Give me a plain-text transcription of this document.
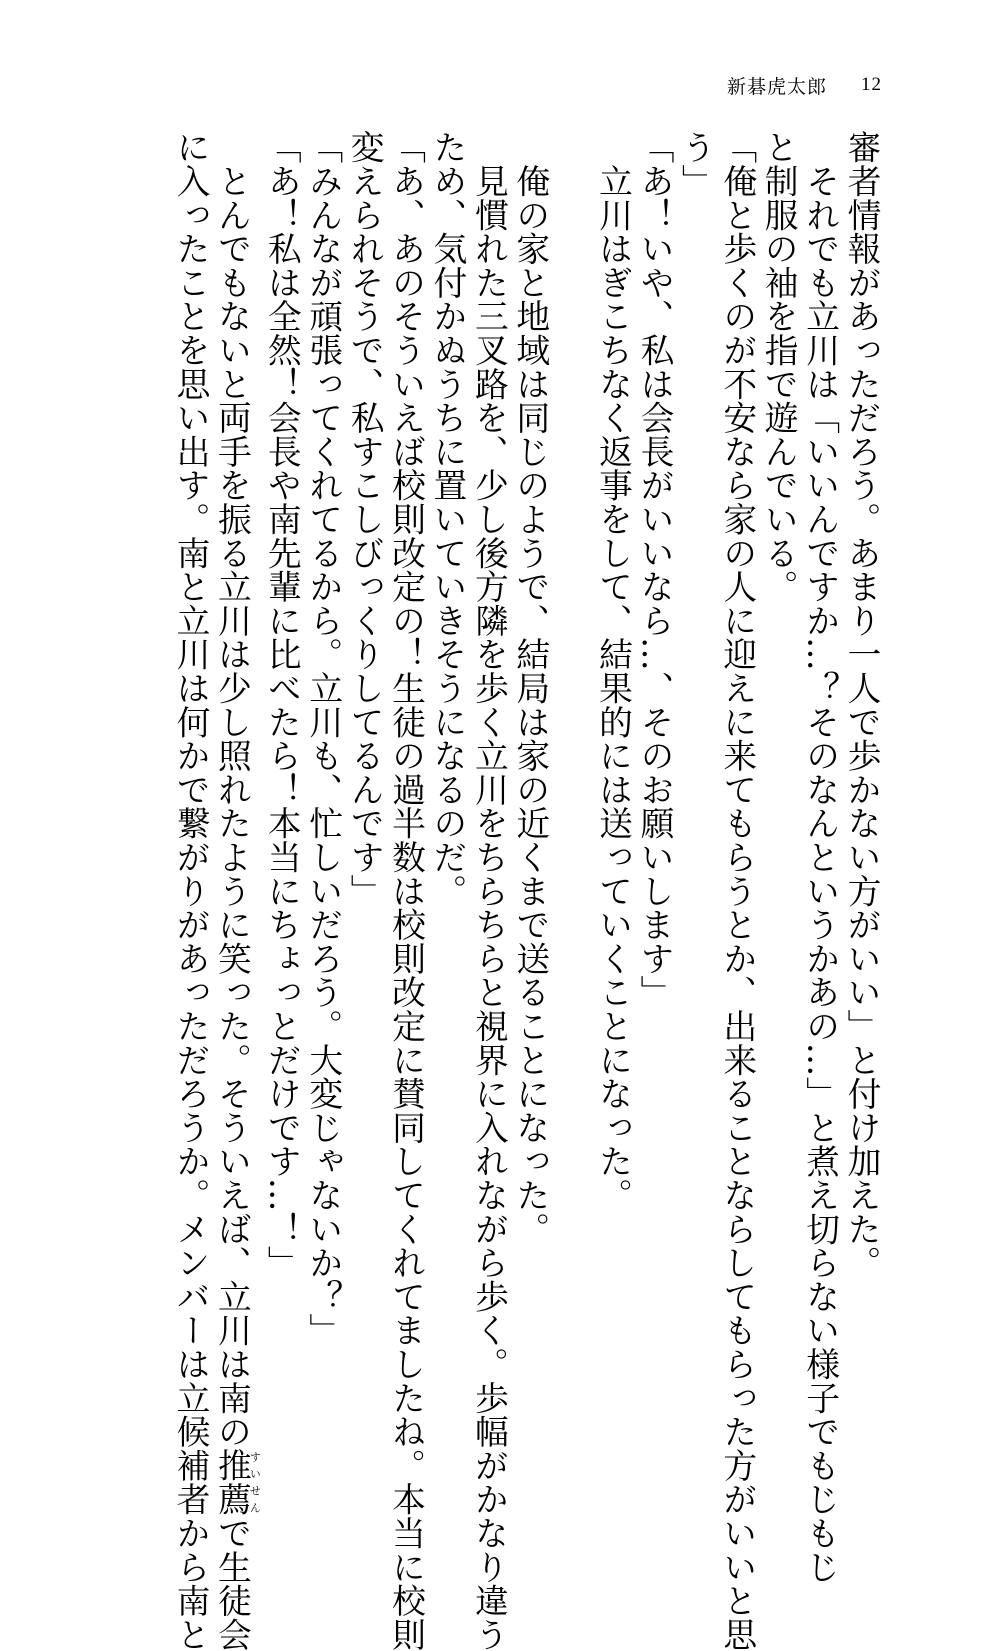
新碁虎太郎 12

審者情報があっただろう。あまり一人で歩かない方がいい」と付け加えた。

　それでも立川は「いいんですか…？そのなんというかあの…」と煮え切らない様子でもじもじ

と制服の袖を指で遊んでいる。

「俺と歩くのが不安なら家の人に迎えに来てもらうとか、出来ることならしてもらった方がいいと思

う」

「あ！いや、私は会長がいいなら…、そのお願いします」

　立川はぎこちなく返事をして、結果的には送っていくことになった。

　俺の家と地域は同じのようで、結局は家の近くまで送ることになった。

　見慣れた三叉路を、少し後方隣を歩く立川をちらちらと視界に入れながら歩く。歩幅がかなり違う

ため、気付かぬうちに置いていきそうになるのだ。

「あ、あのそういえば校則改定の！生徒の過半数は校則改定に賛同してくれてましたね。本当に校則

変えられそうで、私すこしびっくりしてるんです」

「みんなが頑張ってくれてるから。立川も、忙しいだろう。大変じゃないか？」

「あ！私は全然！会長や南先輩に比べたら！本当にちょっとだけです…！」

　とんでもないと両手を振る立川は少し照れたように笑った。そういえば、立川は南の推薦すいせんで生徒会

に入ったことを思い出す。南と立川は何かで繋がりがあっただろうか。メンバーは立候補者から南と
